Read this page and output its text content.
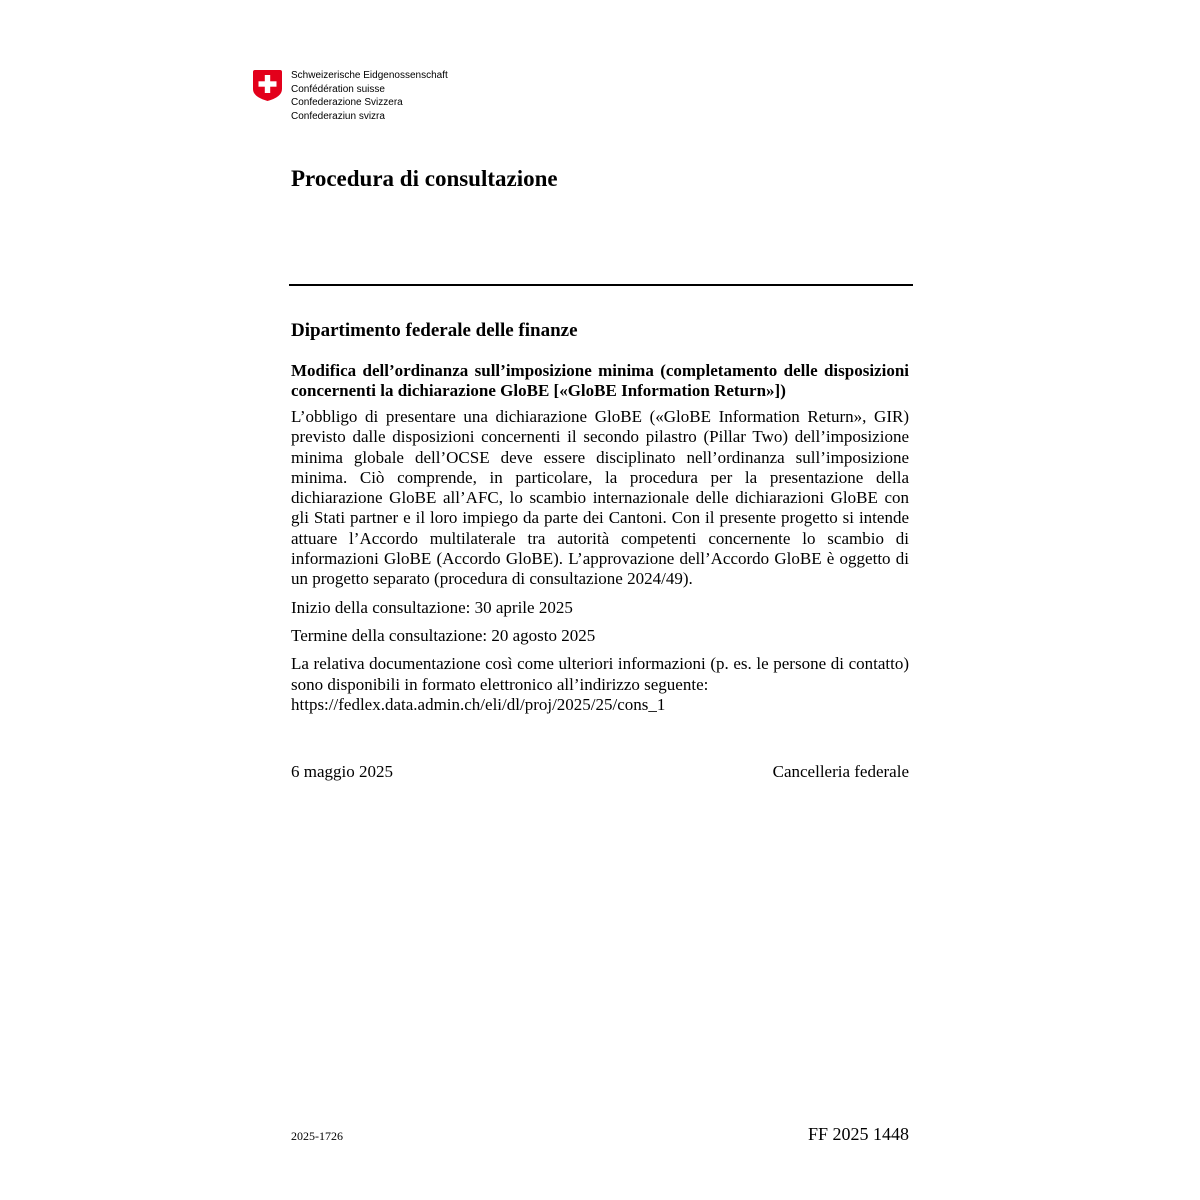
Schweizerische Eidgenossenschaft
Confédération suisse
Confederazione Svizzera
Confederaziun svizra
Procedura di consultazione
Dipartimento federale delle finanze

Modifica dell’ordinanza sull’imposizione minima (completamento delle disposizioni concernenti la dichiarazione GloBE [«GloBE Information Return»])

L’obbligo di presentare una dichiarazione GloBE («GloBE Information Return», GIR) previsto dalle disposizioni concernenti il secondo pilastro (Pillar Two) dell’imposizione minima globale dell’OCSE deve essere disciplinato nell’ordinanza sull’imposizione minima. Ciò comprende, in particolare, la procedura per la presentazione della dichiarazione GloBE all’AFC, lo scambio internazionale delle dichiarazioni GloBE con gli Stati partner e il loro impiego da parte dei Cantoni. Con il presente progetto si intende attuare l’Accordo multilaterale tra autorità competenti concernente lo scambio di informazioni GloBE (Accordo GloBE). L’approvazione dell’Accordo GloBE è oggetto di un progetto separato (procedura di consultazione 2024/49).

Inizio della consultazione: 30 aprile 2025

Termine della consultazione: 20 agosto 2025

La relativa documentazione così come ulteriori informazioni (p. es. le persone di contatto) sono disponibili in formato elettronico all’indirizzo seguente:
https://fedlex.data.admin.ch/eli/dl/proj/2025/25/cons_1

6 maggio 2025	Cancelleria federale
2025-1726	FF 2025 1448
